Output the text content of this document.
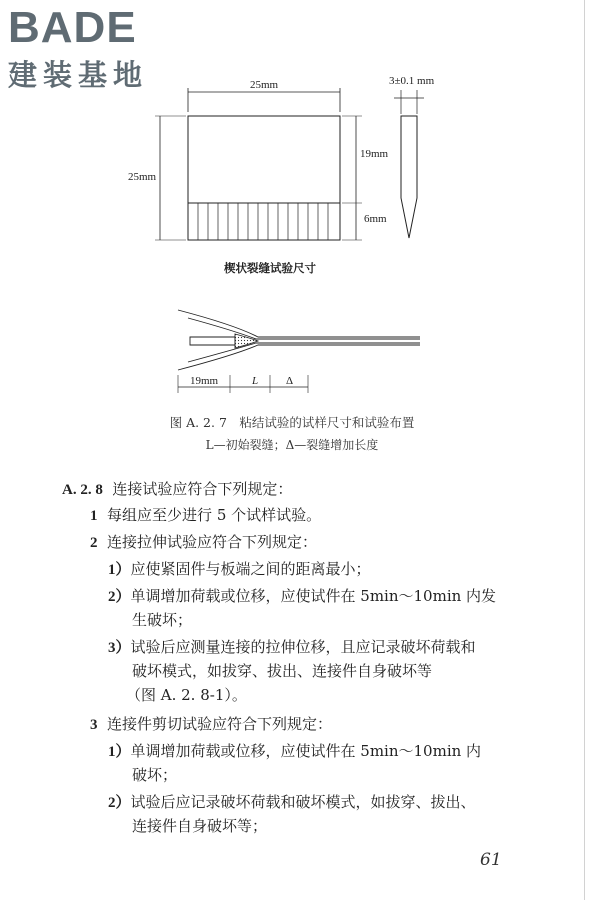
BADE
建装基地	25mm
25mm
19mm
6mm
3±0.1 mm
楔状裂缝试验尺寸
19mm	L	Δ
图 A. 2. 7　粘结试验的试样尺寸和试验布置
L—初始裂缝；Δ—裂缝增加长度
A. 2. 8 连接试验应符合下列规定：
1 每组应至少进行 5 个试样试验。
2 连接拉伸试验应符合下列规定：
1）应使紧固件与板端之间的距离最小；
2）单调增加荷载或位移，应使试件在 5min～10min 内发
生破坏；
3）试验后应测量连接的拉伸位移，且应记录破坏荷载和
破坏模式，如拔穿、拔出、连接件自身破坏等
（图 A. 2. 8-1）。
3 连接件剪切试验应符合下列规定：
1）单调增加荷载或位移，应使试件在 5min～10min 内
破坏；
2）试验后应记录破坏荷载和破坏模式，如拔穿、拔出、
连接件自身破坏等；
61
